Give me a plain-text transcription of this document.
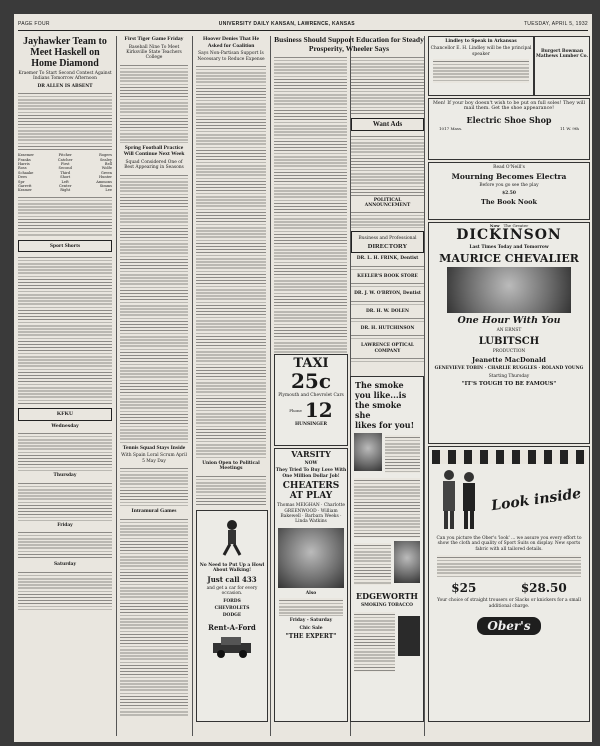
PAGE FOUR	UNIVERSITY DAILY KANSAN, LAWRENCE, KANSAS	TUESDAY, APRIL 5, 1932
Jayhawker Team to Meet Haskell on Home Diamond
Kraemer To Start Second Contest Against Indians Tomorrow Afternoon
DR ALLEN IS ABSENT
Kraemer	Pitcher	Rogers
Franks	Catcher	Sealey
Harris	First	Bell
Ross	Second	Wolfe
Schaake	Third	Green
Dees	Short	Hunter
Spr	Left	Ammons
Garrett	Center	Simms
Kramer	Right	Lee
Sport Shorts
KFKU
Wednesday
Thursday
Friday
Saturday
First Tiger Game Friday
Baseball Nine To Meet Kirksville State Teachers College
Spring Football Practice Will Continue Next Week
Squad Considered One of Best Appearing in Seasons
Tennis Squad Stays Inside
With Spain Loral Scrum April 5 May Day
Intramural Games
Hoover Denies That He Asked for Coalition
Says Non-Partisan Support Is Necessary to Reduce Expense
Union Open to Political Meetings
No Need to Put Up a Howl About Walking!
Just call 433
and get a car for every occasion.
FORDS
CHEVROLETS
DODGE
Rent-A-Ford
Business Should Support Education for Steady Prosperity, Wheeler Says
Want Ads
POLITICAL ANNOUNCEMENT
Business and Professional
DIRECTORY
DR. L. H. FRINK, Dentist
KEELER'S BOOK STORE
DR. J. W. O'BRYON, Dentist
DR. H. W. DOLEN
DR. H. HUTCHINSON
LAWRENCE OPTICAL COMPANY
TAXI
25c
Plymouth and Chevrolet Cars
Phone 12
HUNSINGER
VARSITY
NOW
They Tried To Buy Love With One Million Dollar Job!
CHEATERS AT PLAY
Thomas MEIGHAN · Charlotte GREENWOOD · William Bakewell · Barbara Weeks · Linda Watkins
Also
Friday - Saturday
Chic Sale
"THE EXPERT"
The smoke
you like...is
the smoke she
likes for you!
EDGEWORTH
SMOKING TOBACCO
Lindley to Speak in Arkansas
Chancellor E. H. Lindley will be the principal speaker
Burgert Bowman Mathews Lumber Co.
Men! If your boy doesn't wish to be put on full soles! They will mail them. Get the shoe appearance!
Electric Shoe Shop
1017 Mass.	11 W. 9th
Read O'Neill's
Mourning Becomes Electra
Before you go see the play
$2.50
The Book Nook
Now The Greater
DICKINSON
Last Times Today and Tomorrow
MAURICE CHEVALIER
One Hour With You
AN ERNST
LUBITSCH
PRODUCTION
Jeanette MacDonald
GENEVIEVE TOBIN · CHARLIE RUGGLES · ROLAND YOUNG
Starting Thursday
"IT'S TOUGH TO BE FAMOUS"
Look inside
Can you picture the Ober's 'look' ... we assure you every effort to show the cloth and quality of Sport Suits on display. New sports fabric with all tailored details.
$25	$28.50
Your choice of straight trousers or Slacks or knickers for a small additional charge.
Ober's
